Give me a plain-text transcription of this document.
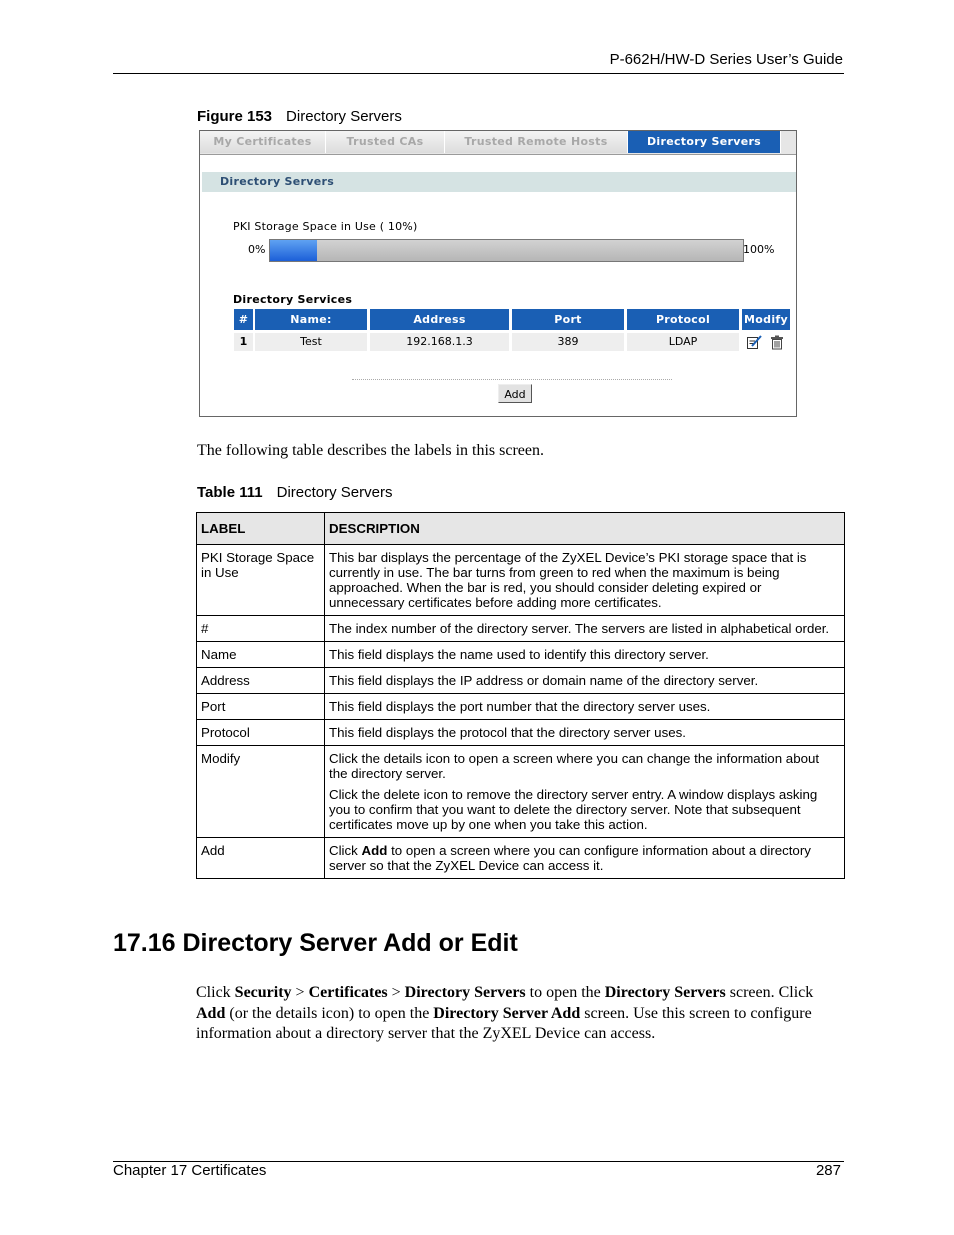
P-662H/HW-D Series User’s Guide
Figure 153 Directory Servers
My Certificates	Trusted CAs	Trusted Remote Hosts	Directory Servers
Directory Servers
PKI Storage Space in Use ( 10%)
0%	100%
Directory Services
#	Name:	Address	Port	Protocol	Modify
1	Test	192.168.1.3	389	LDAP
Add
The following table describes the labels in this screen.
Table 111 Directory Servers
LABEL	DESCRIPTION
PKI Storage Space in Use	This bar displays the percentage of the ZyXEL Device’s PKI storage space that is currently in use. The bar turns from green to red when the maximum is being approached. When the bar is red, you should consider deleting expired or unnecessary certificates before adding more certificates.

#	The index number of the directory server. The servers are listed in alphabetical order.

Name	This field displays the name used to identify this directory server.

Address	This field displays the IP address or domain name of the directory server.

Port	This field displays the port number that the directory server uses.

Protocol	This field displays the protocol that the directory server uses.

Modify	Click the details icon to open a screen where you can change the information about the directory server.

Click the delete icon to remove the directory server entry. A window displays asking you to confirm that you want to delete the directory server. Note that subsequent certificates move up by one when you take this action.

Add	Click Add to open a screen where you can configure information about a directory server so that the ZyXEL Device can access it.

17.16 Directory Server Add or Edit
Click Security > Certificates > Directory Servers to open the Directory Servers screen. Click Add (or the details icon) to open the Directory Server Add screen. Use this screen to configure information about a directory server that the ZyXEL Device can access.
Chapter 17 Certificates	287
